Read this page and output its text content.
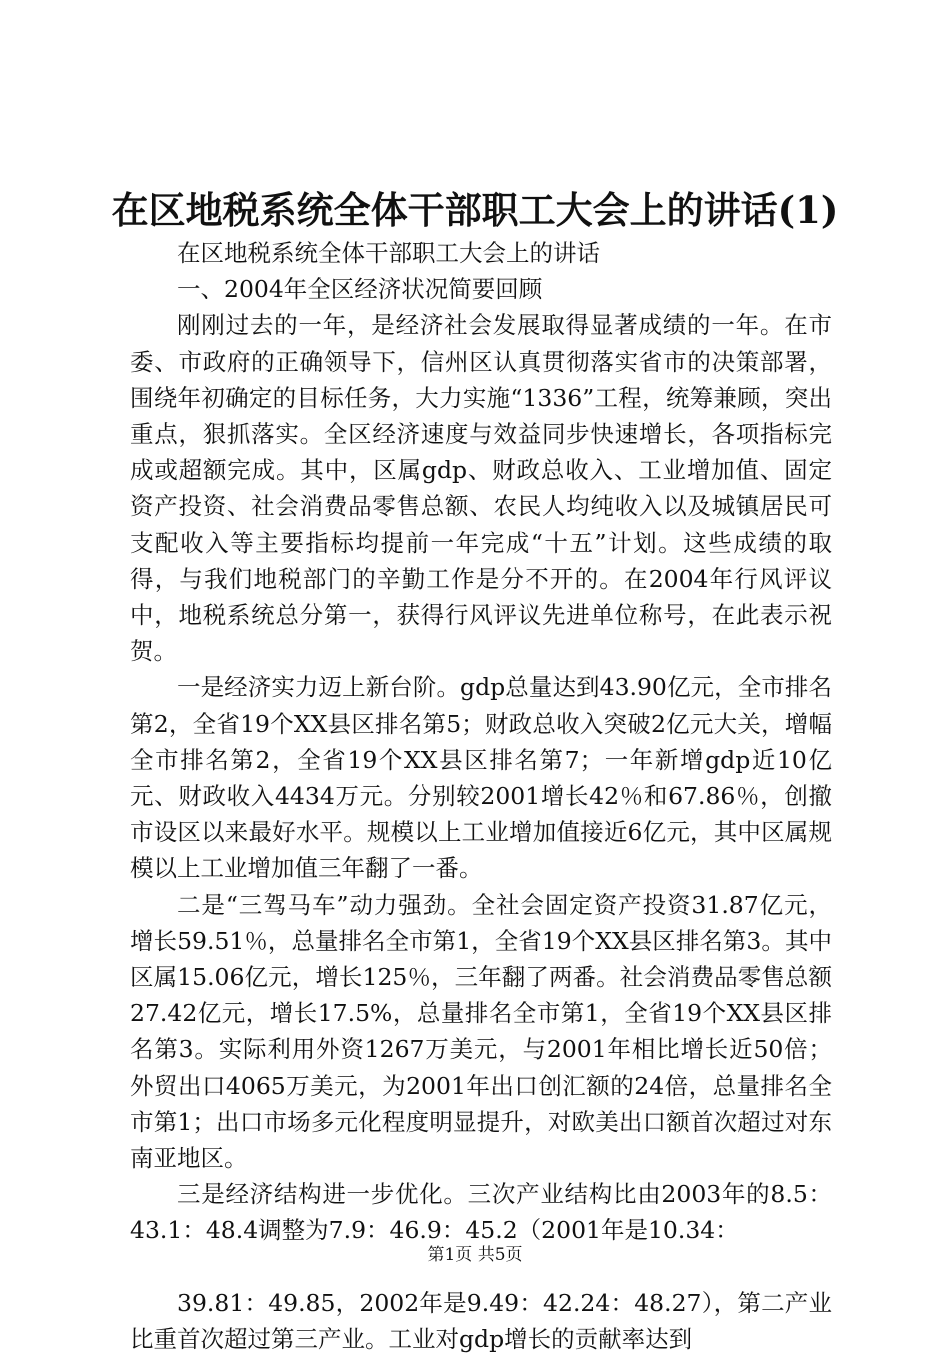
在区地税系统全体干部职工大会上的讲话(1)

在区地税系统全体干部职工大会上的讲话

一、2004年全区经济状况简要回顾

刚刚过去的一年，是经济社会发展取得显著成绩的一年。在市委、市政府的正确领导下，信州区认真贯彻落实省市的决策部署，围绕年初确定的目标任务，大力实施“1336”工程，统筹兼顾，突出重点，狠抓落实。全区经济速度与效益同步快速增长，各项指标完成或超额完成。其中，区属gdp、财政总收入、工业增加值、固定资产投资、社会消费品零售总额、农民人均纯收入以及城镇居民可支配收入等主要指标均提前一年完成“十五”计划。这些成绩的取得，与我们地税部门的辛勤工作是分不开的。在2004年行风评议中，地税系统总分第一，获得行风评议先进单位称号，在此表示祝贺。

一是经济实力迈上新台阶。gdp总量达到43.90亿元，全市排名第2，全省19个XX县区排名第5；财政总收入突破2亿元大关，增幅全市排名第2，全省19个XX县区排名第7；一年新增gdp近10亿元、财政收入4434万元。分别较2001增长42％和67.86％，创撤市设区以来最好水平。规模以上工业增加值接近6亿元，其中区属规模以上工业增加值三年翻了一番。

二是“三驾马车”动力强劲。全社会固定资产投资31.87亿元，增长59.51％，总量排名全市第1，全省19个XX县区排名第3。其中区属15.06亿元，增长125％，三年翻了两番。社会消费品零售总额27.42亿元，增长17.5%，总量排名全市第1，全省19个XX县区排名第3。实际利用外资1267万美元，与2001年相比增长近50倍；外贸出口4065万美元，为2001年出口创汇额的24倍，总量排名全市第1；出口市场多元化程度明显提升，对欧美出口额首次超过对东南亚地区。

三是经济结构进一步优化。三次产业结构比由2003年的8.5：43.1：48.4调整为7.9：46.9：45.2（2001年是10.34：

39.81：49.85，2002年是9.49：42.24：48.27），第二产业比重首次超过第三产业。工业对gdp增长的贡献率达到

第1页 共5页
